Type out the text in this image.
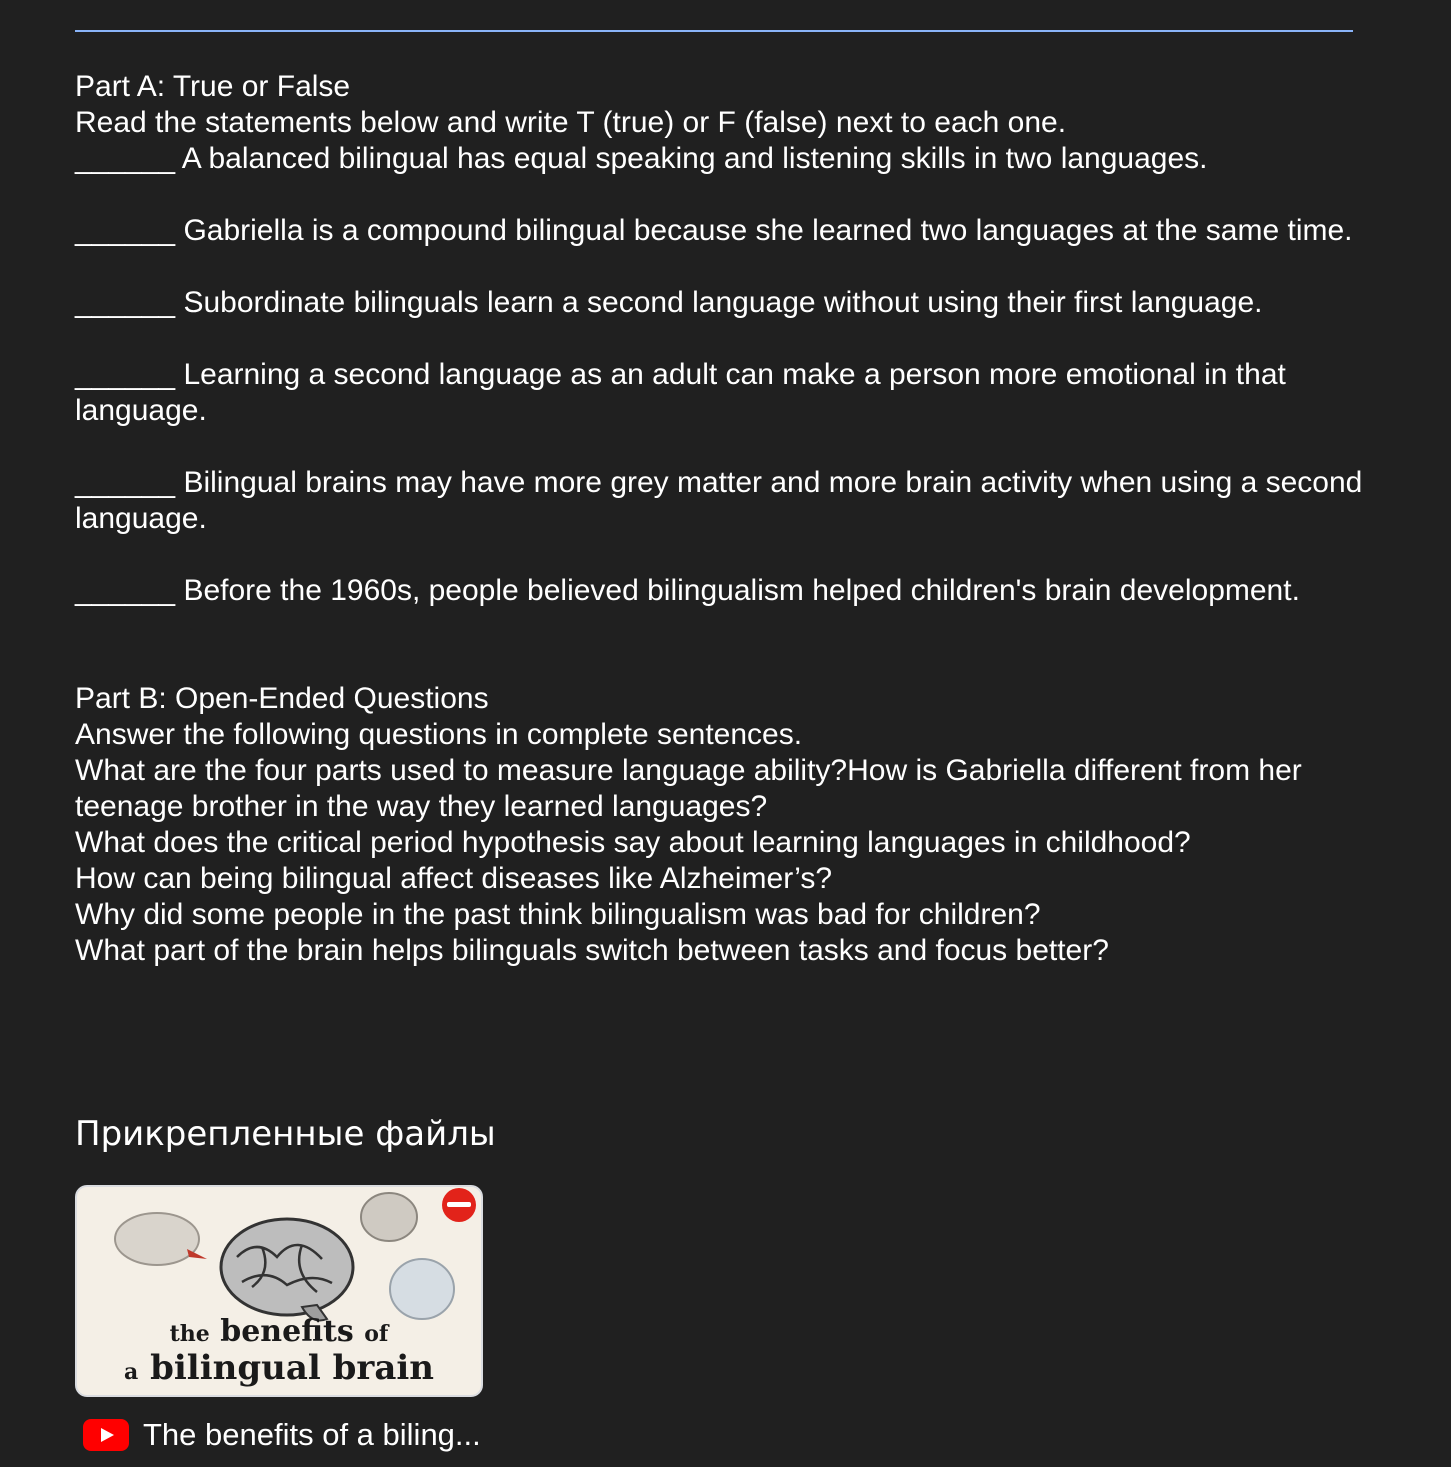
Part A: True or False

Read the statements below and write T (true) or F (false) next to each one.

______ A balanced bilingual has equal speaking and listening skills in two languages.

______ Gabriella is a compound bilingual because she learned two languages at the same time.

______ Subordinate bilinguals learn a second language without using their first language.

______ Learning a second language as an adult can make a person more emotional in that language.

______ Bilingual brains may have more grey matter and more brain activity when using a second language.

______ Before the 1960s, people believed bilingualism helped children's brain development.

Part B: Open-Ended Questions

Answer the following questions in complete sentences.

What are the four parts used to measure language ability?How is Gabriella different from her teenage brother in the way they learned languages?

What does the critical period hypothesis say about learning languages in childhood?

How can being bilingual affect diseases like Alzheimer’s?

Why did some people in the past think bilingualism was bad for children?

What part of the brain helps bilinguals switch between tasks and focus better?

Прикрепленные файлы
the benefits of
a bilingual brain
The benefits of a biling...
